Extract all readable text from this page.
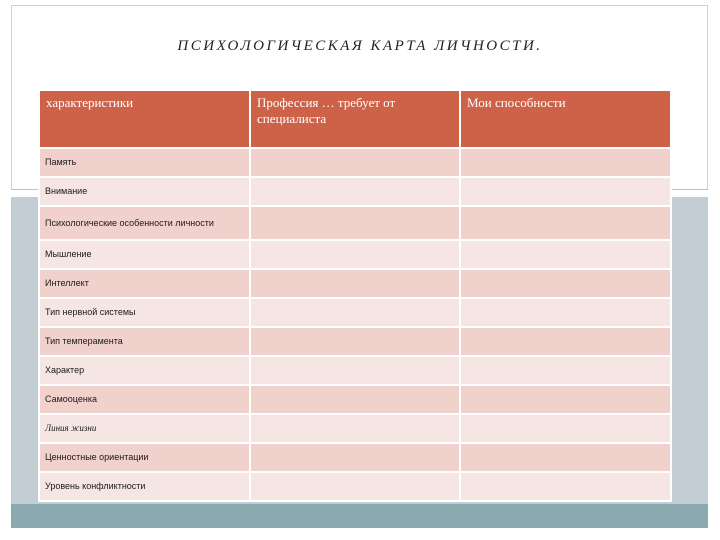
ПСИХОЛОГИЧЕСКАЯ КАРТА ЛИЧНОСТИ.
характеристики	Профессия … требует от специалиста	Мои способности
Память		
Внимание		
Психологические особенности личности		
Мышление		
Интеллект		
Тип нервной системы		
Тип темперамента		
Характер		
Самооценка		
Линия жизни		
Ценностные ориентации		
Уровень конфликтности		
